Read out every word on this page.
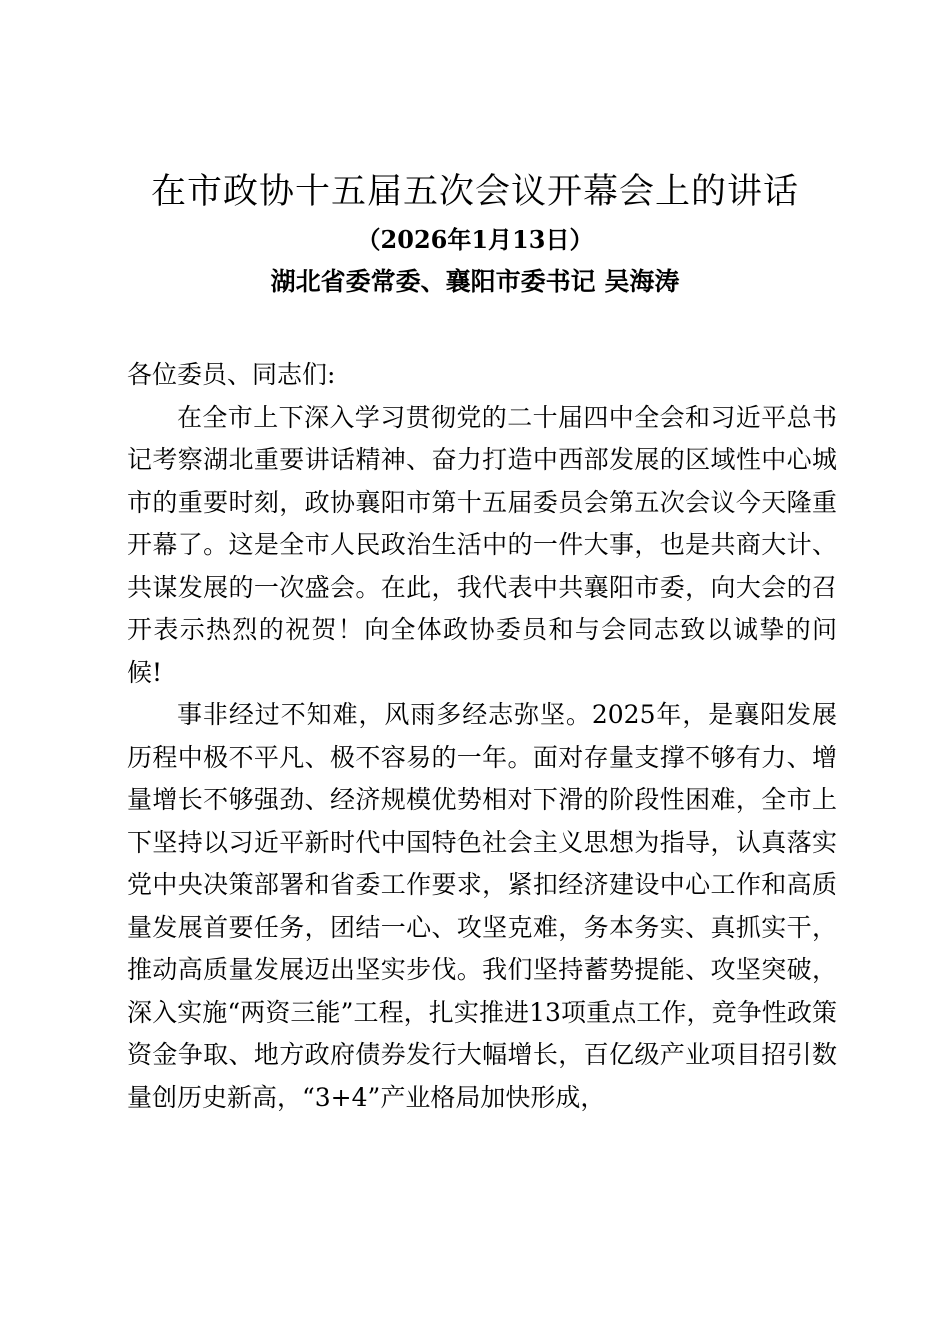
在市政协十五届五次会议开幕会上的讲话
（2026年1月13日）
湖北省委常委、襄阳市委书记 吴海涛

各位委员、同志们:

在全市上下深入学习贯彻党的二十届四中全会和习近平总书记考察湖北重要讲话精神、奋力打造中西部发展的区域性中心城市的重要时刻，政协襄阳市第十五届委员会第五次会议今天隆重开幕了。这是全市人民政治生活中的一件大事，也是共商大计、共谋发展的一次盛会。在此，我代表中共襄阳市委，向大会的召开表示热烈的祝贺！向全体政协委员和与会同志致以诚挚的问候!

事非经过不知难，风雨多经志弥坚。2025年，是襄阳发展历程中极不平凡、极不容易的一年。面对存量支撑不够有力、增量增长不够强劲、经济规模优势相对下滑的阶段性困难，全市上下坚持以习近平新时代中国特色社会主义思想为指导，认真落实党中央决策部署和省委工作要求，紧扣经济建设中心工作和高质量发展首要任务，团结一心、攻坚克难，务本务实、真抓实干，推动高质量发展迈出坚实步伐。我们坚持蓄势提能、攻坚突破，深入实施“两资三能”工程，扎实推进13项重点工作，竞争性政策资金争取、地方政府债券发行大幅增长，百亿级产业项目招引数量创历史新高，“3+4”产业格局加快形成，
